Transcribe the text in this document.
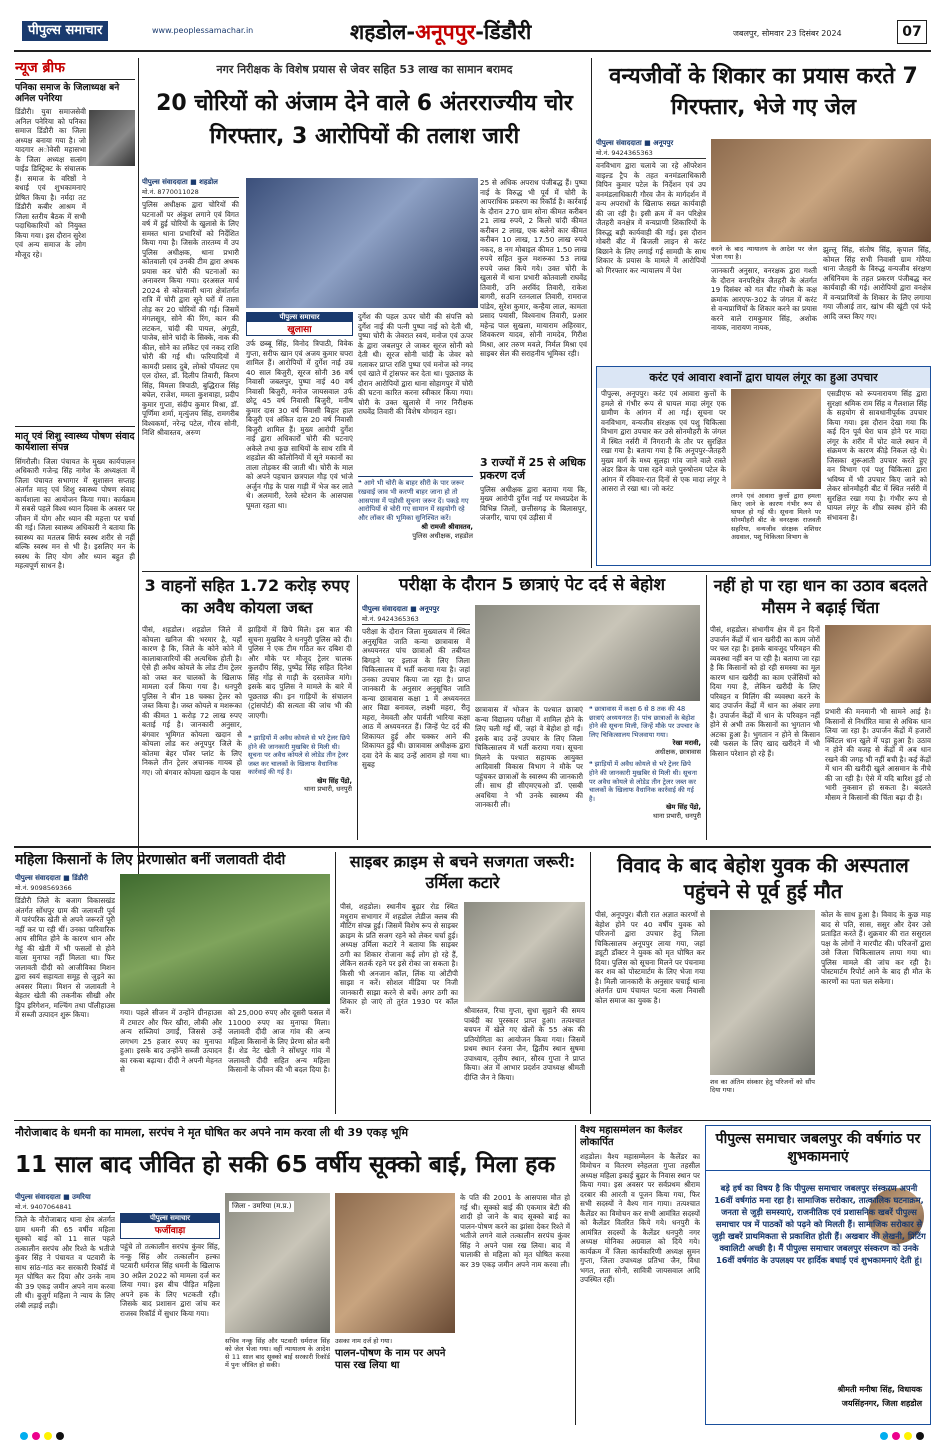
पीपुल्स समाचार	www.peoplessamachar.in	शहडोल-अनूपपुर-डिंडौरी	जबलपुर, सोमवार 23 दिसंबर 2024	07
न्यूज ब्रीफ
पनिका समाज के जिलाध्यक्ष बने अनिल पनेरिया
डिंडौरी। युवा समाजसेवी अनिल पनेरिया को पनिका समाज डिंडौरी का जिला अध्यक्ष बनाया गया है। जो यादगार अोवेसी महासभा के जिला अध्यक्ष सत्संग पाईड डिस्ट्रिक्ट के संचालक हैं। समाज के वरिष्ठों ने बधाई एवं शुभकामनाएं प्रेषित किया है। नर्मदा तट डिंडौरी कबीर आश्रम में जिला स्तरीय बैठक में सभी पदाधिकारियों को नियुक्त किया गया। इस दौरान सुरेश एवं अन्य समाज के लोग मौजूद रहे।
मातृ एवं शिशु स्वास्थ्य पोषण संवाद कार्यशाला संपन्न
सिंगरौली। जिला पंचायत के मुख्य कार्यपालन अधिकारी गजेन्द्र सिंह नागेश के अध्यक्षता में जिला पंचायत सभागार में सुशासन सप्ताह अंतर्गत मातृ एवं शिशु स्वास्थ्य पोषण संवाद कार्यशाला का आयोजन किया गया। कार्यक्रम में सबसे पहले विश्व ध्यान दिवस के अवसर पर जीवन में योग और ध्यान की महत्ता पर चर्चा की गई। जिला स्वास्थ्य अधिकारी ने बताया कि स्वास्थ्य का मतलब सिर्फ स्वस्थ शरीर से नहीं बल्कि स्वस्थ मन से भी है। इसलिए मन के स्वस्थ के लिए योग और ध्यान बहुत ही महत्वपूर्ण साधन है।
नगर निरीक्षक के विशेष प्रयास से जेवर सहित 53 लाख का सामान बरामद
20 चोरियों को अंजाम देने वाले 6 अंतरराज्यीय चोर गिरफ्तार, 3 आरोपियों की तलाश जारी
पीपुल्स संवाददाता ■ शहडोल
मो.नं. 8770011028
पुलिस अधीक्षक द्वारा चोरियों की घटनाओं पर अंकुश लगाने एवं विगत वर्ष में हुई चोरियों के खुलासे के लिए समस्त थाना प्रभारियों को निर्देशित किया गया है। जिसके तारतम्य में उप पुलिस अधीक्षक, थाना प्रभारी कोतवाली एवं उनकी टीम द्वारा अथक प्रयास कर चोरी की घटनाओं का अनावरण किया गया। दरअसल मार्च 2024 से कोतवाली थाना क्षेत्रांतर्गत रात्रि में चोरी द्वारा सूने घरों में ताला तोड़ कर 20 चोरियों की गई। जिसमें मंगलसूत्र, सोने की रिंग, कान की लटकन, चांदी की पायल, अंगूठी, पाजेब, सोने चांदी के सिक्के, नाक की कील, सोने का लॉकेट एवं नकद राशि चोरी की गई थी। फरियादियों में कामदी प्रसाद दुबे, लोको पॉयलट एम एल दोस्त, डॉ. दिलीप तिवारी, किरण सिंह, विमला त्रिपाठी, बुद्धिराज सिंह बघेल, राजेश, ममता कुशवाहा, प्रदीप कुमार गुप्ता, संदीप कुमार मिश्रा, डॉ. पूर्णिमा शर्मा, मृत्युंजय सिंह, रामगरीब विश्वकर्मा, नरेन्द्र पटेल, गौरव सोनी, निशि श्रीवास्तव, अरुण
पीपुल्स समाचार
खुलासा
उर्फ छब्बू सिंह, विनोद त्रिपाठी, विवेक गुप्ता, सरीफ खान एवं अजय कुमार चपरा शामिल हैं। आरोपियों में दुर्गेश नाई उम्र 40 साल बिजुरी, सूरज सोनी 36 वर्ष निवासी जबलपुर, पुष्पा नाई 40 वर्ष निवासी बिजुरी, मनोज जायसवाल उर्फ छोटू 45 वर्ष निवासी बिजुरी, मनीष कुमार दास 30 वर्ष निवासी बिहार हाल बिजुरी एवं अंकित दास 20 वर्ष निवासी बिजुरी शामिल हैं। मुख्य आरोपी दुर्गेश नाई द्वारा अधिकारोंं चोरी की घटनाएं अकेले तथा कुछ साथियों के साथ रात्रि में शहडोल की कॉलोनियों में सूने मकानों का ताला तोड़कर की जाती थी। चोरी के माल को अपने पहचान छत्रपाल गौड़ एवं भांजे अर्जुन गौड़ के पास गाड़ी में भेज कर लाते थे। अलमारी, रेलवे स्टेशन के आसपास घूमता रहता था।
दुर्गेश की पहल ऊपर चोरी की संपत्ति को दुर्गेश नाई की पत्नी पुष्पा नाई को देती थी, पुष्पा चोरी के जेवरात स्वयं, मनोज एवं ऊपर के द्वारा जबलपुर ले जाकर सूरज सोनी को देती थी। सूरज सोनी चांदी के जेवर को गलाकर प्राप्त राशि पुष्पा एवं मनोज को नगद एवं खाते में ट्रांसफर कर देता था। पूछताछ के दौरान आरोपियों द्वारा थाना सोहागपुर में चोरी की घटना कारित करना स्वीकार किया गया। चोरी के उक्त खुलासे में नगर निरीक्षक राघवेंद्र तिवारी की विशेष योगदान रहा।
❝ आगे भी चोरी के बाहर सीरी के पार जरूर रखवाई जाव भी करणी बाहर जाना हो तो आसपास में पड़ोसी सूचना जरूर दें। पकड़े गए आरोपियों से चोरी गए सामान में सहयोगी रहे और लॉकर की भूमिका सुनिश्चित करें।
श्री रामजी श्रीवास्तव,
पुलिस अधीक्षक, शहडोल
25 से अधिक अपराध पंजीबद्ध हैं। पुष्पा नाई के विरुद्ध भी पूर्व में चोरी के आपराधिक प्रकरण का रिकॉर्ड है। कार्रवाई के दौरान 270 ग्राम सोना कीमत करीबन 21 लाख रुपये, 2 किलो चांदी कीमत करीबन 2 लाख, एक बलेनो कार कीमत करीबन 10 लाख, 17.50 लाख रुपये नकद, 8 नग मोबाइल कीमत 1.50 लाख रुपये सहित कुल मशरूका 53 लाख रुपये जब्त किये गये। उक्त चोरी के खुलासे में थाना प्रभारी कोतवाली राघवेंद्र तिवारी, उनि अरविंद तिवारी, राकेश बागरी, सउनि रतनलाल तिवारी, रामराज पांडेय, सुरेश कुमार, कन्हैया लाल, कामता प्रसाद पयासी, विश्वनाथ तिवारी, प्रआर महेन्द्र पाल सुखला, मायाराम अहिरवार, शिवकरण यादव, सोनी नामदेव, गिरीश मिश्रा, आर तरुण मवले, निर्मल मिश्रा एवं साइबर सेल की सराहनीय भूमिका रही।
3 राज्यों में 25 से अधिक प्रकरण दर्ज
पुलिस अधीक्षक द्वारा बताया गया कि, मुख्य आरोपी दुर्गेश नाई पर मध्यप्रदेश के विभिन्न जिलों, छत्तीसगढ़ के बिलासपुर, जंजगीर, चापा एवं उड़ीसा में
वन्यजीवों के शिकार का प्रयास करते 7 गिरफ्तार, भेजे गए जेल
पीपुल्स संवाददाता ■ अनूपपुर
मो.नं. 9424365363
वनविभाग द्वारा चलाये जा रहे ऑपरेशन वाइल्ड ट्रैप के तहत वनमंडलाधिकारी विपिन कुमार पटेल के निर्देशन एवं उप वनमंडलाधिकारी गौरव जैन के मार्गदर्शन में वन्य अपराधों के खिलाफ सख्त कार्यवाही की जा रही है। इसी क्रम में वन परिक्षेत्र जैतहरी वनक्षेत्र में वन्यप्राणी शिकारियों के विरुद्ध बड़ी कार्यवाही की गई। इस दौरान गोबरी बीट में बिजली लाइन से करंट बिछाने के लिए लगाई गई सामग्री के साथ शिकार के प्रयास के मामले में आरोपियों को गिरफ्तार कर न्यायालय में पेश
करने के बाद न्यायालय के आदेश पर जेल भेजा गया है।
जानकारी अनुसार, वनरक्षक द्वारा गश्ती के दौरान वनपरिक्षेत्र जैतहरी के अंतर्गत 19 दिसंबर को गत बीट गोबरी के कक्ष क्रमांक आरएफ-302 के जंगल में करंट से वन्यप्राणियों के शिकार करने का प्रयास करने वाले रामकुमार सिंह, अशोक नायक, नारायण नायक,
झुल्लू सिंह, संतोष सिंह, कृपाल सिंह, कोमल सिंह सभी निवासी ग्राम गोरैया थाना जैतहरी के विरुद्ध वन्यजीव संरक्षण अधिनियम के तहत प्रकरण पंजीबद्ध कर कार्यवाही की गई। आरोपियों द्वारा वनक्षेत्र में वन्यप्राणियों के शिकार के लिए लगाया गया जीआई तार, खांभ की खूंटी एवं फंदे आदि जब्त किए गए।
करंट एवं आवारा श्वानों द्वारा घायल लंगूर का हुआ उपचार
पीपुल्स, अनूपपुर। करंट एवं आवारा कुत्तों के हमले से गंभीर रूप से घायल मादा लंगूर एक ग्रामीण के आंगन में आ गई। सूचना पर वनविभाग, वन्यजीव संरक्षक एवं पशु चिकित्सा विभाग द्वारा उपचार कर उसे सोनमौहरी के जंगल में स्थित नर्सरी में निगरानी के तौर पर सुरक्षित रखा गया है। बताया गया है कि अनूपपुर-जैतहरी मुख्य मार्ग के मध्य सुलहा गांव जाने वाले रास्ते अंडर ब्रिज के पास रहने वाले पुरुषोत्तम पटेल के आंगन में रविवार-रात दिनों से एक मादा लंगूर ने आसरा ले रखा था। जो करंट
लगने एवं आवारा कुत्तों द्वारा हमला किए जाने के कारण गंभीर रूप से घायल हो गई थी। सूचना मिलने पर सोनमौहरी बीट के वनरक्षक राजवती सहरिया, वन्यजीव संरक्षक शशिधर अग्रवाल, पशु चिकित्सा विभाग के
एसडीएफ को रूपनारायण सिंह द्वारा सुरक्षा श्रमिक राम सिंह व गैलशाल सिंह के सहयोग से सावधानीपूर्वक उपचार किया गया। इस दौरान देखा गया कि कई दिन पूर्व घेरा घाव होने पर मादा लंगूर के शरीर में चोट वाले स्थान में संक्रमण के कारण कीड़े निकल रहे थे। जिसका शुरूआती उपचार करते हुए वन विभाग एवं पशु चिकित्सा द्वारा भविष्य में भी उपचार किए जाने को लेकर सोनमौहरी बीट में स्थित नर्सरी में सुरक्षित रखा गया है। गंभीर रूप से घायल लंगूर के शीघ्र स्वस्थ होने की संभावना है।
3 वाहनों सहित 1.72 करोड़ रुपए का अवैध कोयला जब्त
पीसं, शहडोल। शहडोल जिले में कोयला खनिज की भरमार है, यहाँ कारण है कि, जिले के कोने कोने में कालाबाजारियों की अत्यधिक होती है। ऐसे ही अवैध कोयले के लोड टीम ट्रेलर को जब्त कर चालकों के खिलाफ मामला दर्ज किया गया है। धनपुरी पुलिस ने बीन 18 चक्का ट्रेलर को जब्त किया है। जब्त कोयले व मशरूका की कीमत 1 करोड़ 72 लाख रुपए बताई गई है। जानकारी अनुसार, बंगवार भूमिगत कोयला खदान से कोयला लोड कर अनूपपुर जिले के कोतमा बेहर पॉवर प्लांट के लिए निकले तीन ट्रेलर अचानक गायब हो गए। जो बंगवार कोयला खदान के पास
झाड़ियों में छिपे मिले। इस बात की सूचना मुखबिर ने धनपुरी पुलिस को दी। पुलिस ने एक टीम गठित कर दबिश दी और मौके पर मौजूद ट्रेलर चालक कुलदीप सिंह, पुष्पेंद्र सिंह सहित दिनेश सिंह गोंड़ से गाड़ी के दस्तावेज मांगे। इसके बाद पुलिस ने मामले के बारे में पूछताछ की। इन गाड़ियों के संचालन (ट्रांसपोर्ट) की सत्यता की जांच भी की जाएगी।
❝ झाड़ियों में अवैध कोयले से भरे ट्रेलर छिपे होने की जानकारी मुखबिर से मिली थी। सूचना पर अवैध कोयले से लोडेड तीन ट्रेलर जब्त कर चालकों के खिलाफ वैधानिक कार्रवाई की गई है।
खेम सिंह पेंद्रो,
थाना प्रभारी, धनपुरी
परीक्षा के दौरान 5 छात्राएं पेट दर्द से बेहोश
पीपुल्स संवाददाता ■ अनूपपुर
मो.नं. 9424365363
परीक्षा के दौरान जिला मुख्यालय में स्थित अनुसूचित जाति कन्या छात्रावास में अध्ययनरत पांच छात्राओं की तबीयत बिगड़ने पर इलाज के लिए जिला चिकित्सालय में भर्ती कराया गया है। जहां उनका उपचार किया जा रहा है। प्राप्त जानकारी के अनुसार अनुसूचित जाति कन्या छात्रावास कक्षा 1 में अध्ययनरत आर विद्या बनावल, लक्ष्मी महरा, रीतू महरा, नेमवती और पार्वती भारिया कक्षा आठ में अध्ययनरत हैं। जिन्हें पेट दर्द की शिकायत हुई और चक्कर आने की शिकायत हुई थी। छात्रावास अधीक्षक द्वारा दवा देने के बाद उन्हें आराम हो गया था। सुबह
छात्रावास में भोजन के पश्चात छात्राएं कन्या विद्यालय परीक्षा में शामिल होने के लिए चली गई थीं, जहां वे बेहोश हो गईं। इसके बाद उन्हें उपचार के लिए जिला चिकित्सालय में भर्ती कराया गया। सूचना मिलने के पश्चात सहायक आयुक्त आदिवासी विकास विभाग ने मौके पर पहुंचकर छात्राओं के स्वास्थ्य की जानकारी ली। साथ ही सीएमएचओ डॉ. एसबी अवधिया ने भी उनके स्वास्थ्य की जानकारी ली।
❝ छात्रावास में कक्षा 6 से 8 तक की 48 छात्राएं अध्ययनरत हैं। पांच छात्राओं के बेहोश होने की सूचना मिली, जिन्हें मौके पर उपचार के लिए चिकित्सालय भिजवाया गया।
रेखा मरावी,
अधीक्षक, छात्रावास
❝ झाड़ियों में अवैध कोयले से भरे ट्रेलर छिपे होने की जानकारी मुखबिर से मिली थी। सूचना पर अवैध कोयले से लोडेड तीन ट्रेलर जब्त कर चालकों के खिलाफ वैधानिक कार्रवाई की गई है।
खेम सिंह पेंद्रो,
थाना प्रभारी, धनपुरी
नहीं हो पा रहा धान का उठाव बदलते मौसम ने बढ़ाई चिंता
पीसं, शहडोल। संभागीय क्षेत्र में इन दिनों उपार्जन केंद्रों में धान खरीदी का काम जोरों पर चल रहा है। इसके बावजूद परिवहन की व्यवस्था नहीं बन पा रही है। बताया जा रहा है कि किसानों को हो रही समस्या का मूल कारण धान खरीदी का काम एजेंसियों को दिया गया है, लेकिन खरीदी के लिए परिवहन व मिलिंग की व्यवस्था करने के बाद उपार्जन केंद्रों में धान का अंबार लगा है। उपार्जन केंद्रों में धान के परिवहन नहीं होने से अभी तक किसानों का भुगतान भी अटका हुआ है। भुगतान न होने से किसान रबी फसल के लिए खाद खरीदने में भी किसान परेशान हो रहे हैं।
प्रभारी की मनमानी भी सामने आई है। किसानों से निर्धारित मात्रा से अधिक धान लिया जा रहा है। उपार्जन केंद्रों में हजारों क्विंटल धान खुले में पड़ा हुआ है। उठाव न होने की वजह से केंद्रों में अब धान रखने की जगह भी नहीं बची है। कई केंद्रों में धान की खरीदी खुले आसमान के नीचे की जा रही है। ऐसे में यदि बारिश हुई तो भारी नुकसान हो सकता है। बदलते मौसम ने किसानों की चिंता बढ़ा दी है।
महिला किसानों के लिए प्रेरणास्रोत बनीं जलावती दीदी
पीपुल्स संवाददाता ■ डिंडौरी
मो.नं. 9098569366
डिंडौरी जिले के बजाग विकासखंड अंतर्गत सोंधपुर ग्राम की जलावती पूर्व में पारंपरिक खेती से अपने जरूरतें पूरी नहीं कर पा रही थीं। उनका पारिवारिक आय सीमित होने के कारण धान और गेहूं की खेती में भी फसलों से होने वाला मुनाफा नहीं मिलता था। फिर जलावती दीदी को आजीविका मिशन द्वारा स्वयं सहायता समूह से जुड़ने का अवसर मिला। मिशन से जलावती ने बेहतर खेती की तकनीक सीखी और ड्रिप इरिगेशन, मल्चिंग तथा पॉलीहाउस में सब्जी उत्पादन शुरू किया।	गया। पहले सीजन में उन्होंने ग्रीनहाउस में टमाटर और फिर खीरा, लौकी और अन्य सब्जियां उगाईं, जिससे उन्हें लगभग 25 हजार रुपए का मुनाफा हुआ। इसके बाद उन्होंने सब्जी उत्पादन का रकबा बढ़ाया। दीदी ने अपनी मेहनत से
को 25,000 रुपए और दूसरी फसल में 11000 रुपए का मुनाफा मिला। जलावती दीदी आज गांव की अन्य महिला किसानों के लिए प्रेरणा स्रोत बनी हैं। शेड नेट खेती ने सोंधपुर गांव में जलावती दीदी सहित अन्य महिला किसानों के जीवन की भी बदल दिया है।
साइबर क्राइम से बचने सजगता जरूरी: उर्मिला कटारे
पीसं, शहडोल। स्थानीय बुढ़ार रोड स्थित मधुराम सभागार में शहडोल लेडीज क्लब की मीटिंग संपन्न हुई। जिसमें विशेष रूप से साइबर क्राइम के प्रति सजग रहने को लेकर चर्चा हुई। अध्यक्ष उर्मिला कटारे ने बताया कि साइबर ठगी का शिकार रोजाना कई लोग हो रहे हैं, लेकिन सतर्क रहने पर इसे रोका जा सकता है। किसी भी अनजान कॉल, लिंक या ओटीपी साझा न करें। सोशल मीडिया पर निजी जानकारी साझा करने से बचें। अगर ठगी का शिकार हो जाएं तो तुरंत 1930 पर कॉल करें।	श्रीवास्तव, रिचा गुप्ता, सुधा सुहाने की समय पाबंदी का पुरस्कार प्राप्त हुआ। तत्पश्चात बचपन में खेले गए खेलों के 55 अंक की प्रतियोगिता का आयोजन किया गया। जिसमें प्रथम स्थान रंजना जैन, द्वितीय स्थान सुषमा उपाध्याय, तृतीय स्थान, सौरव गुप्ता ने प्राप्त किया। अंत में आभार प्रदर्शन उपाध्यक्ष श्रीमती दीप्ति जैन ने किया।
विवाद के बाद बेहोश युवक की अस्पताल पहुंचने से पूर्व हुई मौत
पीसं, अनूपपुर। बीती रात अज्ञात कारणों से बेहोश होने पर 40 वर्षीय युवक को परिजनों द्वारा उपचार हेतु जिला चिकित्सालय अनूपपुर लाया गया, जहां ड्यूटी डॉक्टर ने युवक को मृत घोषित कर दिया। पुलिस को सूचना मिलने पर पंचनामा कर शव को पोस्टमार्टम के लिए भेजा गया है। मिली जानकारी के अनुसार चचाई थाना अंतर्गत ग्राम पंचायत पटना कला निवासी कोल समाज का युवक है।
शव का अंतिम संस्कार हेतु परिजनों को सौंप दिया गया।
कोल के साथ हुआ है। विवाद के कुछ माह बाद से पति, सास, ससुर और देवर उसे प्रताड़ित करते हैं। शुक्रवार की रात ससुराल पक्ष के लोगों ने मारपीट की। परिजनों द्वारा उसे जिला चिकित्सालय लाया गया था। पुलिस मामले की जांच कर रही है। पोस्टमार्टम रिपोर्ट आने के बाद ही मौत के कारणों का पता चल सकेगा।
नौरोजाबाद के धमनी का मामला, सरपंच ने मृत घोषित कर अपने नाम करवा ली थी 39 एकड़ भूमि
11 साल बाद जीवित हो सकी 65 वर्षीय सूक्को बाई, मिला हक
पीपुल्स संवाददाता ■ उमरिया
मो.नं. 9407064841
जिले के नौरोजाबाद थाना क्षेत्र अंतर्गत ग्राम धमनी की 65 वर्षीय महिला सूक्को बाई को 11 साल पहले तत्कालीन सरपंच और रिश्ते के भतीजे कुंवर सिंह ने पंचायत व पटवारी के साथ सांठ-गांठ कर सरकारी रिकॉर्ड में मृत घोषित कर दिया और उनके नाम की 39 एकड़ जमीन अपने नाम करवा ली थी। बुजुर्ग महिला ने न्याय के लिए लंबी लड़ाई लड़ी।
पीपुल्स समाचार
फर्जीवाड़ा
पहुंचे तो तत्कालीन सरपंच कुंवर सिंह, नन्कू सिंह और तत्कालीन हल्का पटवारी धर्मराज सिंह धमनी के खिलाफ 30 अप्रैल 2022 को मामला दर्ज कर लिया गया। इस बीच पीड़ित महिला अपने हक के लिए भटकती रही। जिसके बाद प्रशासन द्वारा जांच कर राजस्व रिकॉर्ड में सुधार किया गया।
जिला - उमरिया (म.प्र.)
सचिव नन्कू सिंह और पटवारी धर्मराज सिंह को जेल भेजा गया। वहीं न्यायालय के आदेश से 11 साल बाद सूक्को बाई सरकारी रिकॉर्ड में पुनः जीवित हो सकी।
उसका नाम दर्ज हो गया।
पालन-पोषण के नाम पर अपने पास रख लिया था
के पति की 2001 के आसपास मौत हो गई थी। सूक्को बाई की एकमात्र बेटी की शादी हो जाने के बाद सूक्को बाई का पालन-पोषण करने का झांसा देकर रिश्ते में भतीजे लगने वाले तत्कालीन सरपंच कुंवर सिंह ने अपने पास रख लिया। बाद में चालाकी से महिला को मृत घोषित करवा कर 39 एकड़ जमीन अपने नाम करवा ली।
वैश्य महासम्मेलन का कैलेंडर लोकार्पित
शहडोल। वैश्य महासम्मेलन के कैलेंडर का विमोचन व वितरण स्नेहलता गुप्ता तहसील अध्यक्ष महिला इकाई बुढ़ार के निवास स्थान पर किया गया। इस अवसर पर सर्वप्रथम श्रीराम दरबार की आरती व पूजन किया गया, फिर सभी सदस्यों ने वैश्य गान गाया। तत्पश्चात कैलेंडर का विमोचन कर सभी आमंत्रित सदस्यों को कैलेंडर वितरित किये गये। धनपुरी के आमंत्रित सदस्यों के कैलेंडर धनपुरी नगर अध्यक्ष मोनिका अग्रवाल को दिये गये। कार्यक्रम में जिला कार्यकारिणी अध्यक्ष सुमन गुप्ता, जिला उपाध्यक्ष प्रतिभा जैन, विधा भगत, लता सोनी, सावित्री जायसवाल आदि उपस्थित रहीं।
पीपुल्स समाचार जबलपुर की वर्षगांठ पर शुभकामनाएं
बड़े हर्ष का विषय है कि पीपुल्स समाचार जबलपुर संस्करण अपनी 16वीं वर्षगांठ मना रहा है। सामाजिक सरोकार, तात्कालिक घटनाक्रम, जनता से जुड़ी समस्याएं, राजनीतिक एवं प्रशासनिक खबरें पीपुल्स समाचार पत्र में पाठकों को पढ़ने को मिलती हैं। सामाजिक सरोकार से जुड़ी खबरें प्राथमिकता से प्रकाशित होती हैं। अखबार की लेखनी, प्रिंटिंग क्वालिटी अच्छी है। मैं पीपुल्स समाचार जबलपुर संस्करण को उनके 16वीं वर्षगांठ के उपलक्ष्य पर हार्दिक बधाई एवं शुभकामनाएं देती हूं।
श्रीमती मनीषा सिंह, विधायक
जयसिंहनगर, जिला शहडोल
